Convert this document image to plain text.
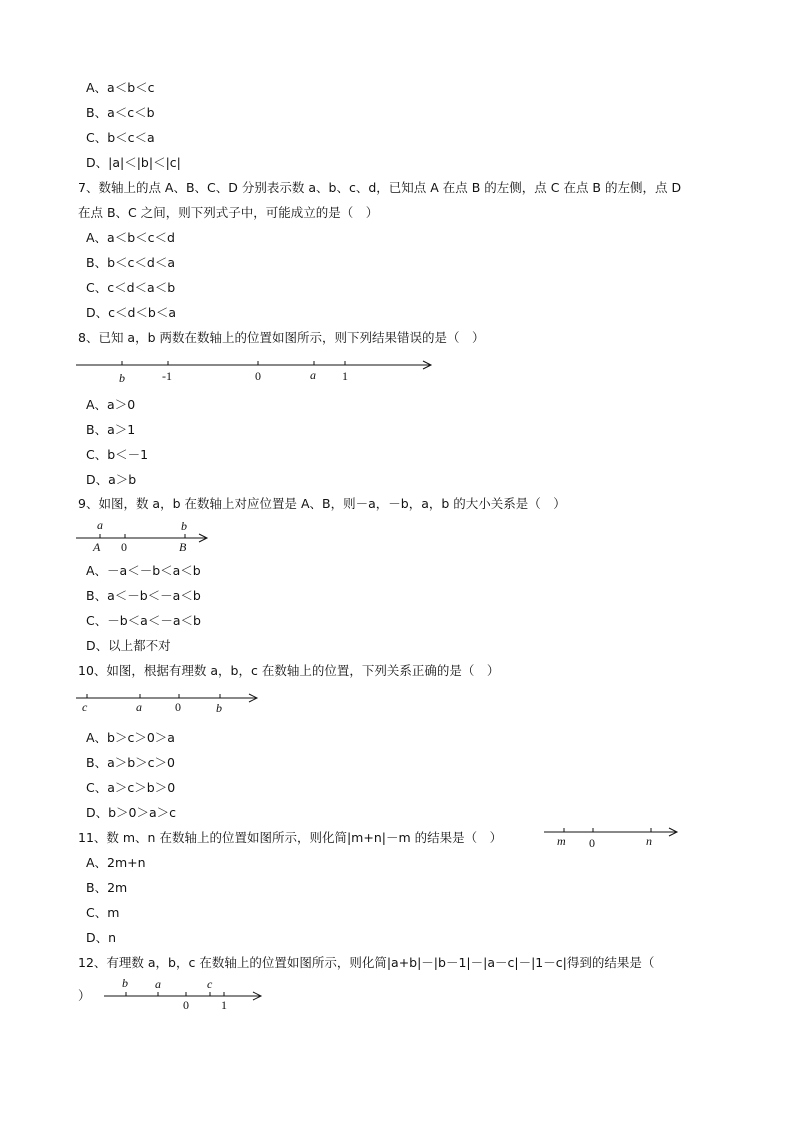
A、a＜b＜c
B、a＜c＜b
C、b＜c＜a
D、|a|＜|b|＜|c|
7、数轴上的点 A、B、C、D 分别表示数 a、b、c、d，已知点 A 在点 B 的左侧，点 C 在点 B 的左侧，点 D
在点 B、C 之间，则下列式子中，可能成立的是（　）
A、a＜b＜c＜d
B、b＜c＜d＜a
C、c＜d＜a＜b
D、c＜d＜b＜a
8、已知 a，b 两数在数轴上的位置如图所示，则下列结果错误的是（　）
b	-1	0	a 1
A、a＞0
B、a＞1
C、b＜－1
D、a＞b
9、如图，数 a，b 在数轴上对应位置是 A、B，则－a，－b，a，b 的大小关系是（　）
a
A 0
b
B
A、－a＜－b＜a＜b
B、a＜－b＜－a＜b
C、－b＜a＜－a＜b
D、以上都不对
10、如图，根据有理数 a，b，c 在数轴上的位置，下列关系正确的是（　）
c	a	0	b
A、b＞c＞0＞a
B、a＞b＞c＞0
C、a＞c＞b＞0
D、b＞0＞a＞c
11、数 m、n 在数轴上的位置如图所示，则化简|m+n|－m 的结果是（　）	m 0	n
A、2m+n
B、2m
C、m
D、n
12、有理数 a，b，c 在数轴上的位置如图所示，则化简|a+b|－|b－1|－|a－c|－|1－c|得到的结果是（
）
b a	c
0	1
